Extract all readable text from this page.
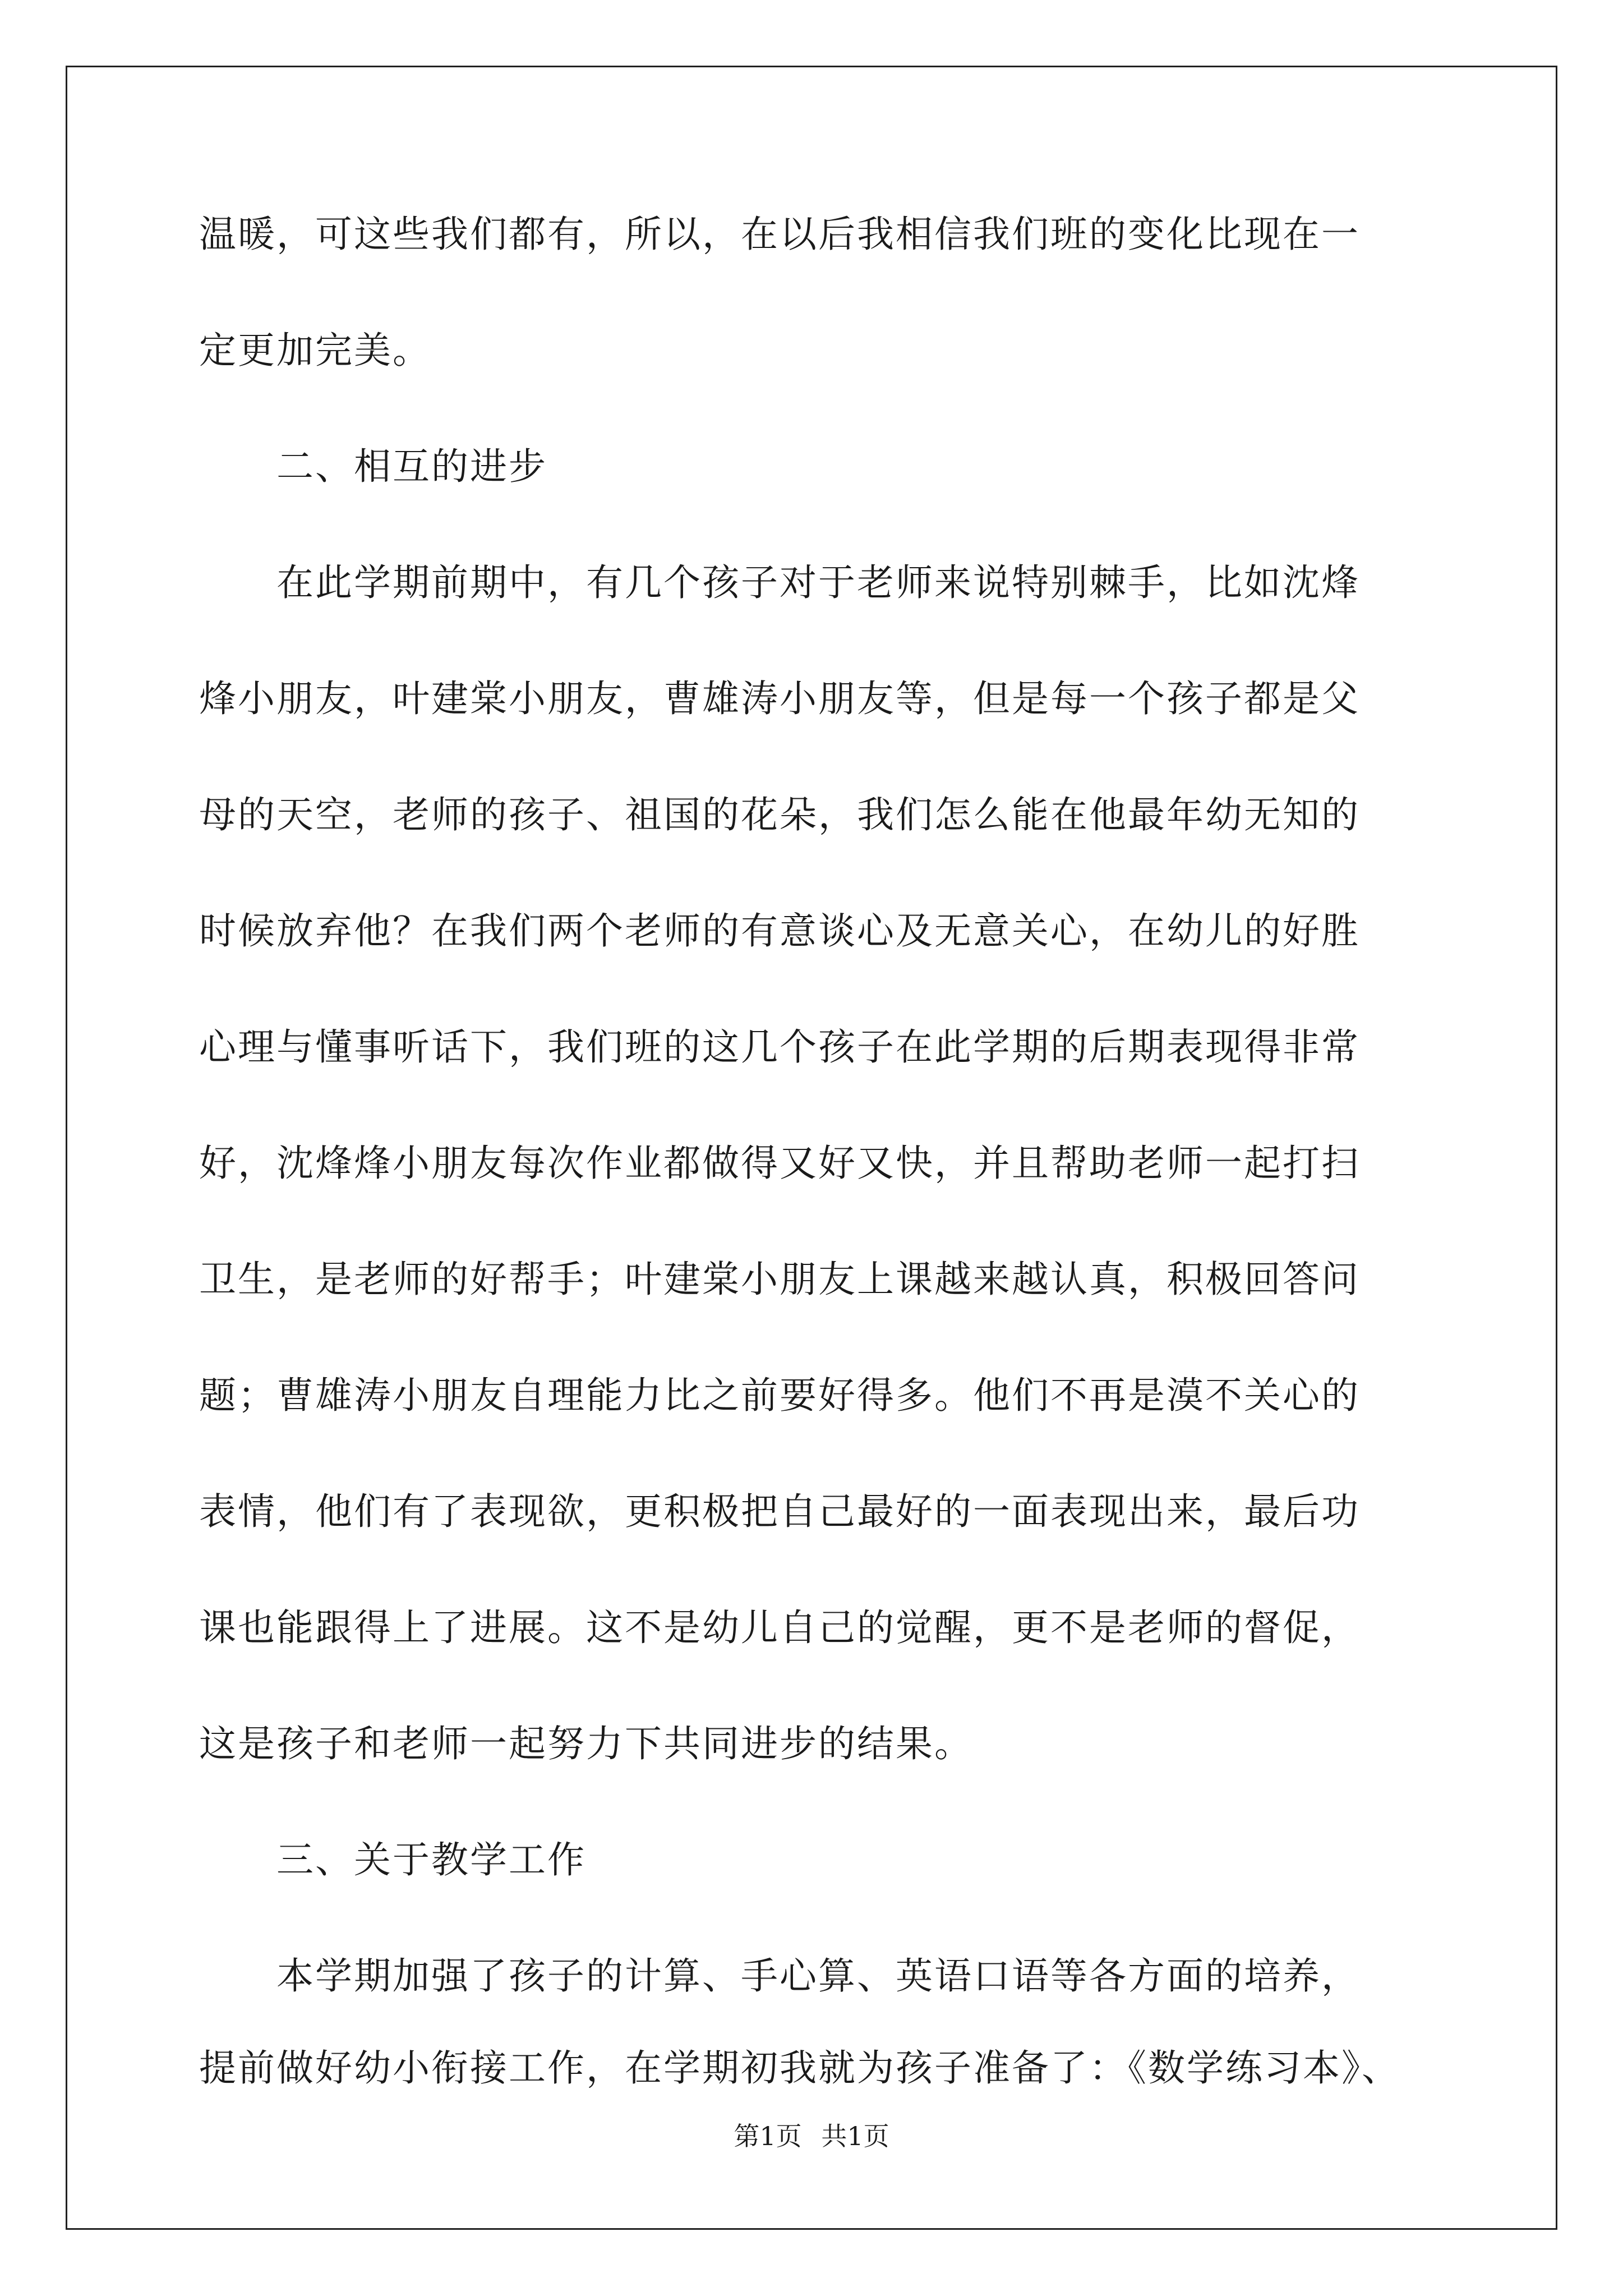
温暖，可这些我们都有，所以，在以后我相信我们班的变化比现在一
定更加完美。
　　二、相互的进步
　　在此学期前期中，有几个孩子对于老师来说特别棘手，比如沈烽
烽小朋友，叶建棠小朋友，曹雄涛小朋友等，但是每一个孩子都是父
母的天空，老师的孩子、祖国的花朵，我们怎么能在他最年幼无知的
时候放弃他？在我们两个老师的有意谈心及无意关心，在幼儿的好胜
心理与懂事听话下，我们班的这几个孩子在此学期的后期表现得非常
好，沈烽烽小朋友每次作业都做得又好又快，并且帮助老师一起打扫
卫生，是老师的好帮手；叶建棠小朋友上课越来越认真，积极回答问
题；曹雄涛小朋友自理能力比之前要好得多。他们不再是漠不关心的
表情，他们有了表现欲，更积极把自己最好的一面表现出来，最后功
课也能跟得上了进展。这不是幼儿自己的觉醒，更不是老师的督促，
这是孩子和老师一起努力下共同进步的结果。
　　三、关于教学工作
　　本学期加强了孩子的计算、手心算、英语口语等各方面的培养，
提前做好幼小衔接工作，在学期初我就为孩子准备了：《数学练习本》、
第1页 共1页
